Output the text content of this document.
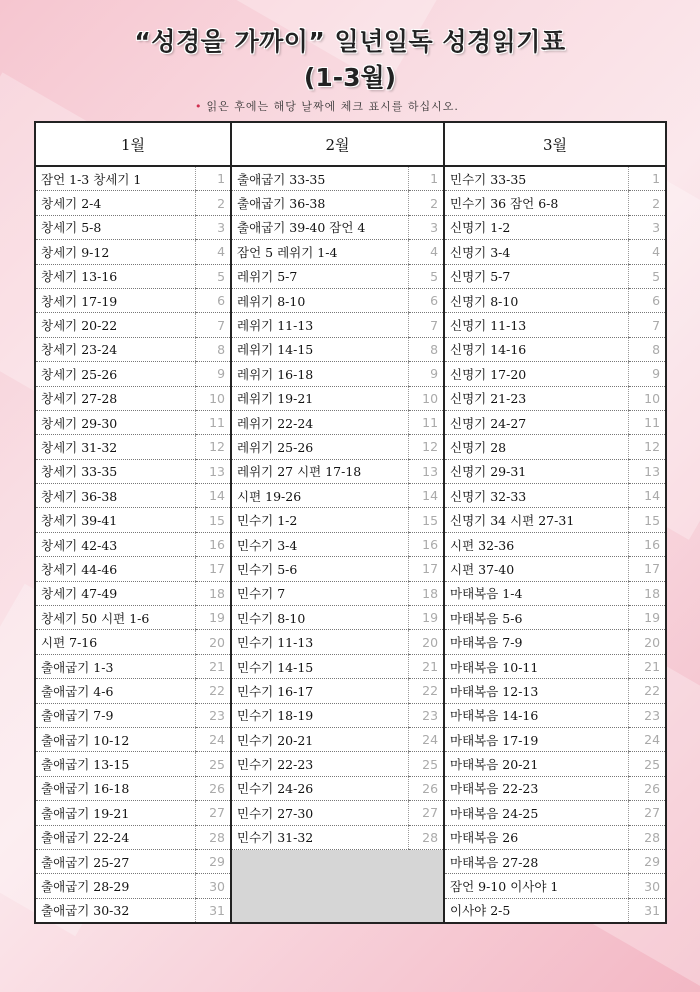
“성경을 가까이” 일년일독 성경읽기표
(1-3월)
• 읽은 후에는 해당 날짜에 체크 표시를 하십시오.
1월		2월		3월	
잠언 1-3 창세기 1	1	출애굽기 33-35	1	민수기 33-35	1
창세기 2-4	2	출애굽기 36-38	2	민수기 36 잠언 6-8	2
창세기 5-8	3	출애굽기 39-40 잠언 4	3	신명기 1-2	3
창세기 9-12	4	잠언 5 레위기 1-4	4	신명기 3-4	4
창세기 13-16	5	레위기 5-7	5	신명기 5-7	5
창세기 17-19	6	레위기 8-10	6	신명기 8-10	6
창세기 20-22	7	레위기 11-13	7	신명기 11-13	7
창세기 23-24	8	레위기 14-15	8	신명기 14-16	8
창세기 25-26	9	레위기 16-18	9	신명기 17-20	9
창세기 27-28	10	레위기 19-21	10	신명기 21-23	10
창세기 29-30	11	레위기 22-24	11	신명기 24-27	11
창세기 31-32	12	레위기 25-26	12	신명기 28	12
창세기 33-35	13	레위기 27 시편 17-18	13	신명기 29-31	13
창세기 36-38	14	시편 19-26	14	신명기 32-33	14
창세기 39-41	15	민수기 1-2	15	신명기 34 시편 27-31	15
창세기 42-43	16	민수기 3-4	16	시편 32-36	16
창세기 44-46	17	민수기 5-6	17	시편 37-40	17
창세기 47-49	18	민수기 7	18	마태복음 1-4	18
창세기 50 시편 1-6	19	민수기 8-10	19	마태복음 5-6	19
시편 7-16	20	민수기 11-13	20	마태복음 7-9	20
출애굽기 1-3	21	민수기 14-15	21	마태복음 10-11	21
출애굽기 4-6	22	민수기 16-17	22	마태복음 12-13	22
출애굽기 7-9	23	민수기 18-19	23	마태복음 14-16	23
출애굽기 10-12	24	민수기 20-21	24	마태복음 17-19	24
출애굽기 13-15	25	민수기 22-23	25	마태복음 20-21	25
출애굽기 16-18	26	민수기 24-26	26	마태복음 22-23	26
출애굽기 19-21	27	민수기 27-30	27	마태복음 24-25	27
출애굽기 22-24	28	민수기 31-32	28	마태복음 26	28
출애굽기 25-27	29			마태복음 27-28	29
출애굽기 28-29	30			잠언 9-10 이사야 1	30
출애굽기 30-32	31			이사야 2-5	31
